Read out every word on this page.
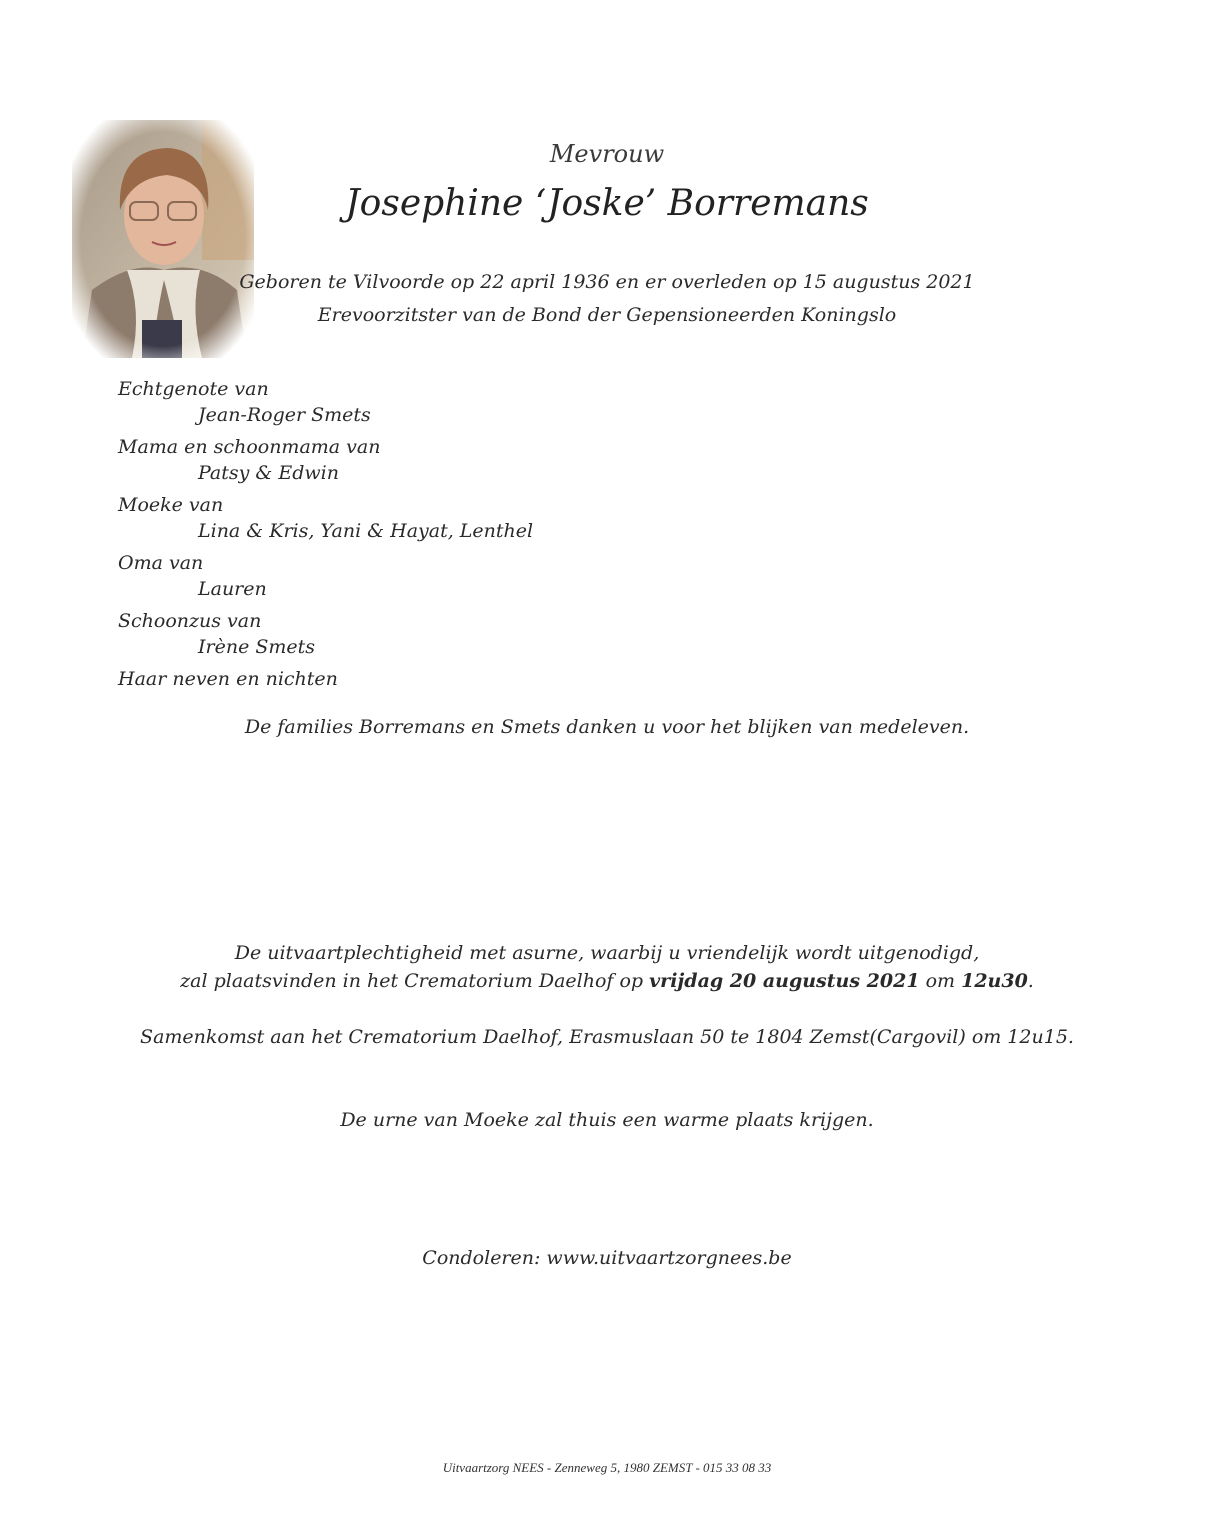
Mevrouw
Josephine ‘Joske’ Borremans
Geboren te Vilvoorde op 22 april 1936 en er overleden op 15 augustus 2021
Erevoorzitster van de Bond der Gepensioneerden Koningslo
Echtgenote van
Jean-Roger Smets
Mama en schoonmama van
Patsy & Edwin
Moeke van
Lina & Kris, Yani & Hayat, Lenthel
Oma van
Lauren
Schoonzus van
Irène Smets
Haar neven en nichten
De families Borremans en Smets danken u voor het blijken van medeleven.
De uitvaartplechtigheid met asurne, waarbij u vriendelijk wordt uitgenodigd,
zal plaatsvinden in het Crematorium Daelhof op vrijdag 20 augustus 2021 om 12u30.
Samenkomst aan het Crematorium Daelhof, Erasmuslaan 50 te 1804 Zemst(Cargovil) om 12u15.
De urne van Moeke zal thuis een warme plaats krijgen.
Condoleren: www.uitvaartzorgnees.be
Uitvaartzorg NEES - Zenneweg 5, 1980 ZEMST - 015 33 08 33
